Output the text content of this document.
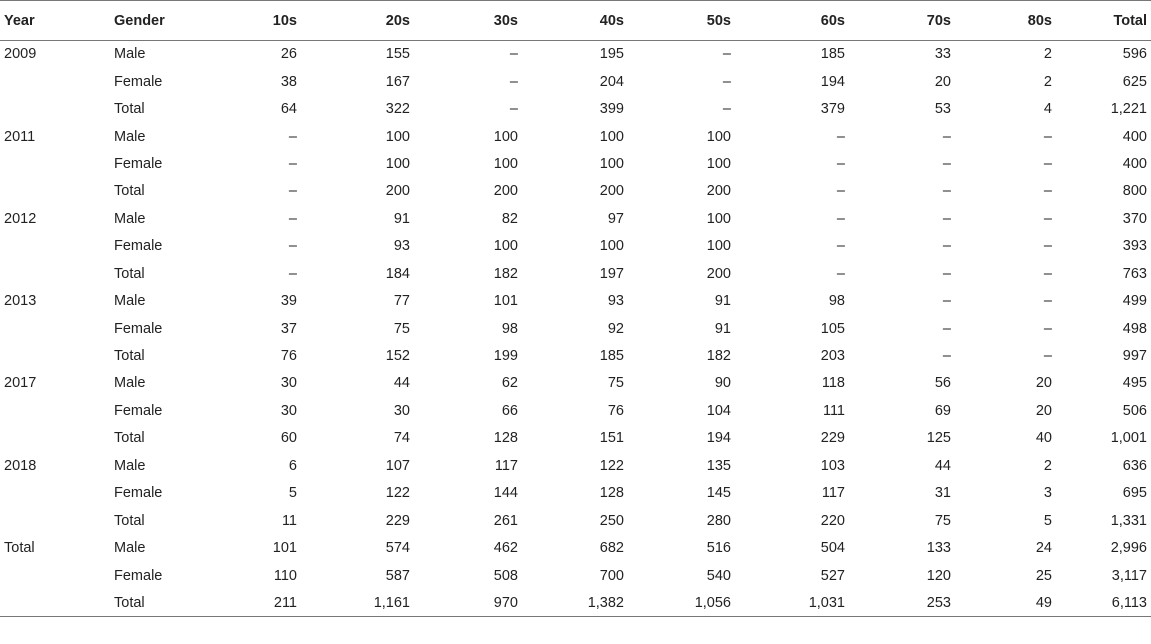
Year	Gender	10s	20s	30s	40s	50s	60s	70s	80s	Total
2009	Male	26	155	–	195	–	185	33	2	596
	Female	38	167	–	204	–	194	20	2	625
	Total	64	322	–	399	–	379	53	4	1,221
2011	Male	–	100	100	100	100	–	–	–	400
	Female	–	100	100	100	100	–	–	–	400
	Total	–	200	200	200	200	–	–	–	800
2012	Male	–	91	82	97	100	–	–	–	370
	Female	–	93	100	100	100	–	–	–	393
	Total	–	184	182	197	200	–	–	–	763
2013	Male	39	77	101	93	91	98	–	–	499
	Female	37	75	98	92	91	105	–	–	498
	Total	76	152	199	185	182	203	–	–	997
2017	Male	30	44	62	75	90	118	56	20	495
	Female	30	30	66	76	104	111	69	20	506
	Total	60	74	128	151	194	229	125	40	1,001
2018	Male	6	107	117	122	135	103	44	2	636
	Female	5	122	144	128	145	117	31	3	695
	Total	11	229	261	250	280	220	75	5	1,331
Total	Male	101	574	462	682	516	504	133	24	2,996
	Female	110	587	508	700	540	527	120	25	3,117
	Total	211	1,161	970	1,382	1,056	1,031	253	49	6,113
